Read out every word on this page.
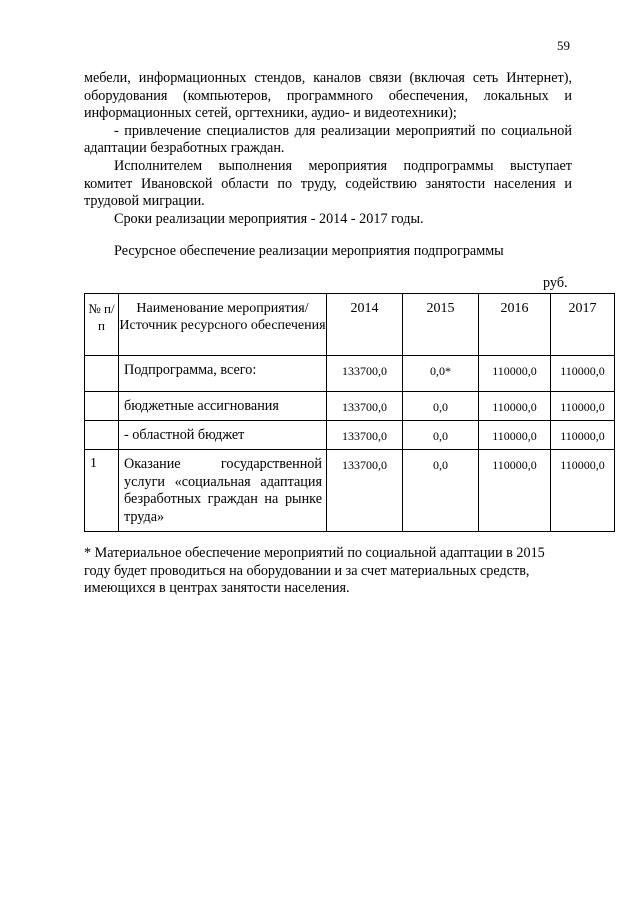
59

мебели, информационных стендов, каналов связи (включая сеть Интернет), оборудования (компьютеров, программного обеспечения, локальных и информационных сетей, оргтехники, аудио- и видеотехники);

- привлечение специалистов для реализации мероприятий по социальной адаптации безработных граждан.

Исполнителем выполнения мероприятия подпрограммы выступает комитет Ивановской области по труду, содействию занятости населения и трудовой миграции.

Сроки реализации мероприятия - 2014 - 2017 годы.

Ресурсное обеспечение реализации мероприятия подпрограммы
руб.
№ п/п	Наименование мероприятия/Источник ресурсного обеспечения	2014	2015	2016	2017
	Подпрограмма, всего:	133700,0	0,0*	110000,0	110000,0
	бюджетные ассигнования	133700,0	0,0	110000,0	110000,0
	- областной бюджет	133700,0	0,0	110000,0	110000,0
1	Оказание государственной услуги «социальная адаптация безработных граждан на рынке труда»	133700,0	0,0	110000,0	110000,0
* Материальное обеспечение мероприятий по социальной адаптации в 2015 году будет проводиться на оборудовании и за счет материальных средств, имеющихся в центрах занятости населения.
